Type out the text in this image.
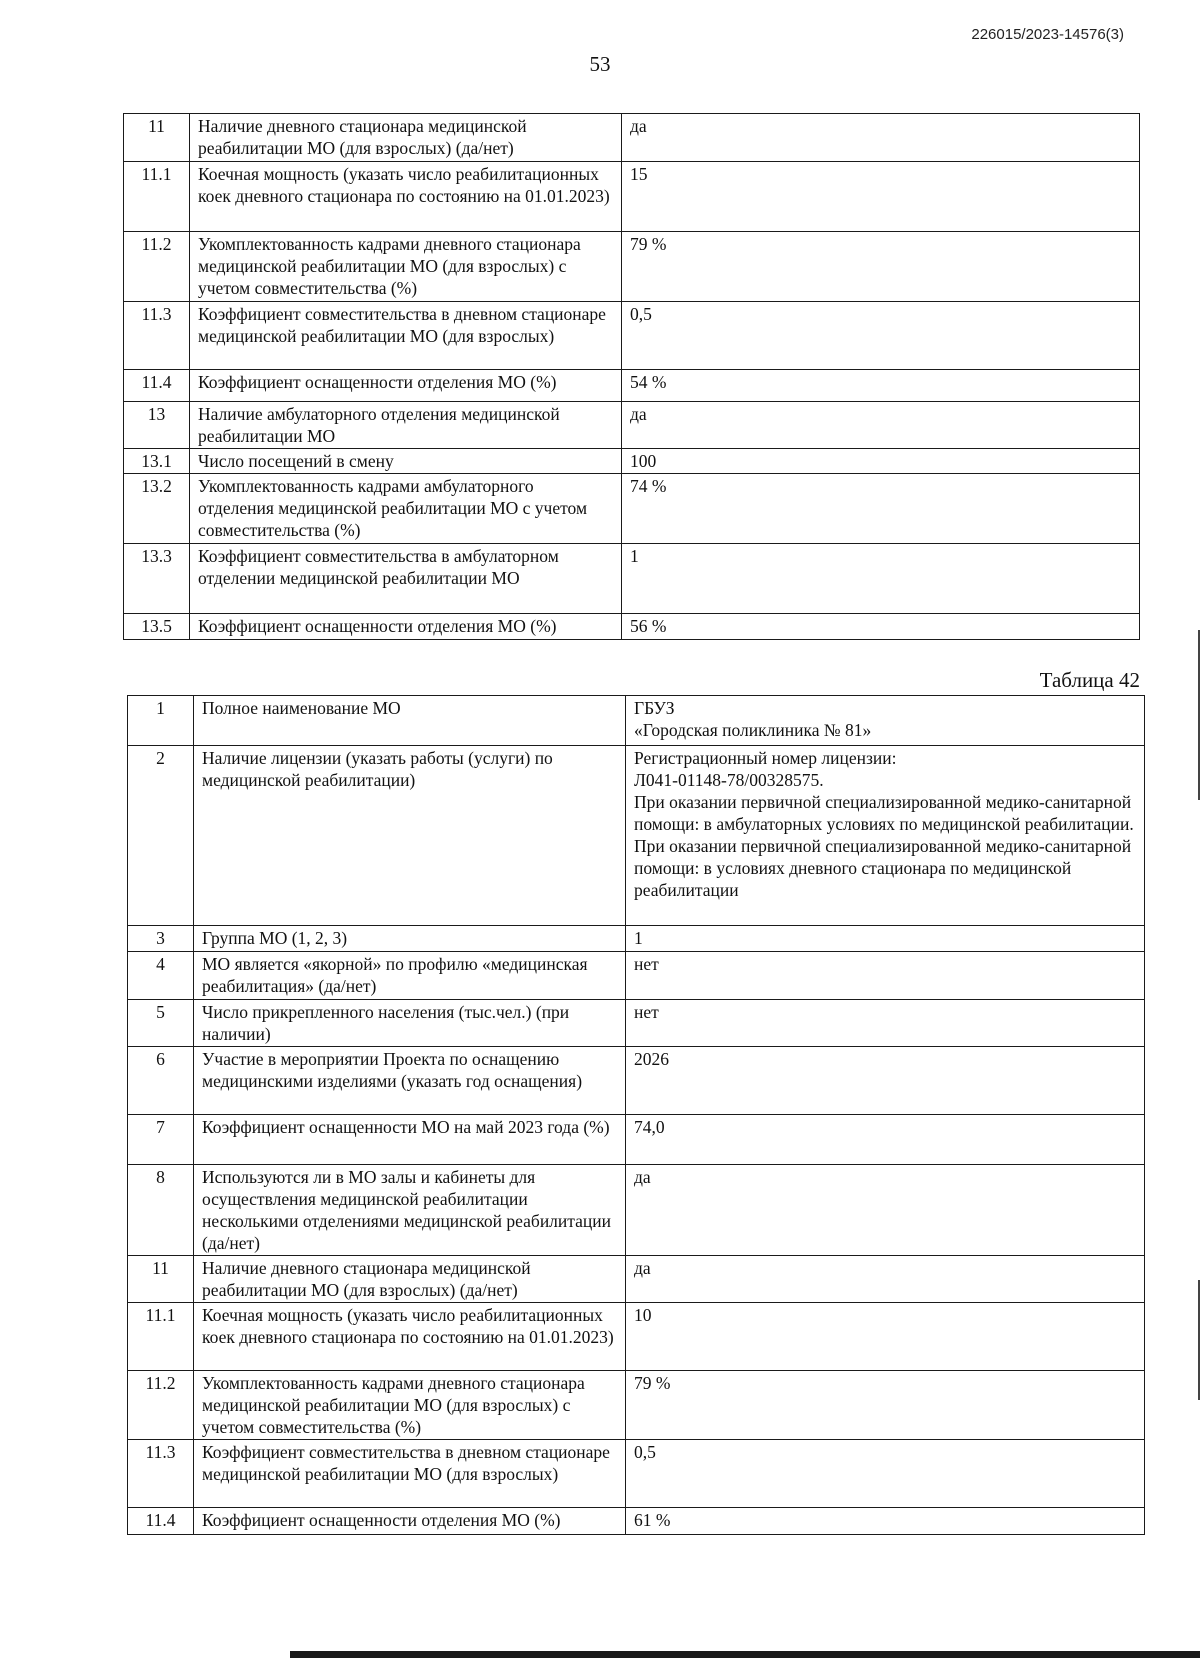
226015/2023-14576(3)
53
11	Наличие дневного стационара медицинской реабилитации МО (для взрослых) (да/нет)	да
11.1	Коечная мощность (указать число реабилитационных коек дневного стационара по состоянию на 01.01.2023)	15
11.2	Укомплектованность кадрами дневного стационара медицинской реабилитации МО (для взрослых) с учетом совместительства (%)	79 %
11.3	Коэффициент совместительства в дневном стационаре медицинской реабилитации МО (для взрослых)	0,5
11.4	Коэффициент оснащенности отделения МО (%)	54 %
13	Наличие амбулаторного отделения медицинской реабилитации МО	да
13.1	Число посещений в смену	100
13.2	Укомплектованность кадрами амбулаторного отделения медицинской реабилитации МО с учетом совместительства (%)	74 %
13.3	Коэффициент совместительства в амбулаторном отделении медицинской реабилитации МО	1
13.5	Коэффициент оснащенности отделения МО (%)	56 %
Таблица 42
1	Полное наименование МО	ГБУЗ
«Городская поликлиника № 81»
2	Наличие лицензии (указать работы (услуги) по медицинской реабилитации)	Регистрационный номер лицензии:
Л041-01148-78/00328575.
При оказании первичной специализированной медико-санитарной помощи: в амбулаторных условиях по медицинской реабилитации.
При оказании первичной специализированной медико-санитарной помощи: в условиях дневного стационара по медицинской реабилитации
3	Группа МО (1, 2, 3)	1
4	МО является «якорной» по профилю «медицинская реабилитация» (да/нет)	нет
5	Число прикрепленного населения (тыс.чел.) (при наличии)	нет
6	Участие в мероприятии Проекта по оснащению медицинскими изделиями (указать год оснащения)	2026
7	Коэффициент оснащенности МО на май 2023 года (%)	74,0
8	Используются ли в МО залы и кабинеты для осуществления медицинской реабилитации несколькими отделениями медицинской реабилитации (да/нет)	да
11	Наличие дневного стационара медицинской реабилитации МО (для взрослых) (да/нет)	да
11.1	Коечная мощность (указать число реабилитационных коек дневного стационара по состоянию на 01.01.2023)	10
11.2	Укомплектованность кадрами дневного стационара медицинской реабилитации МО (для взрослых) с учетом совместительства (%)	79 %
11.3	Коэффициент совместительства в дневном стационаре медицинской реабилитации МО (для взрослых)	0,5
11.4	Коэффициент оснащенности отделения МО (%)	61 %
